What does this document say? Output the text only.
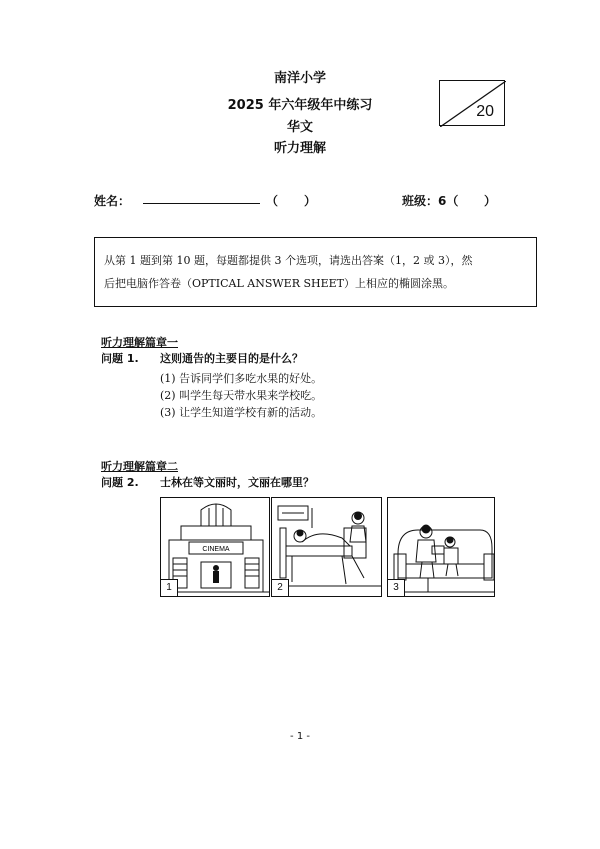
南洋小学
2025 年六年级年中练习
华文
听力理解
20
姓名：	（ ）	班级：6（ ）
从第 1 题到第 10 题，每题都提供 3 个选项，请选出答案（1，2 或 3），然
后把电脑作答卷（OPTICAL ANSWER SHEET）上相应的椭圆涂黑。
听力理解篇章一
问题 1. 这则通告的主要目的是什么？
(1) 告诉同学们多吃水果的好处。
(2) 叫学生每天带水果来学校吃。
(3) 让学生知道学校有新的活动。
听力理解篇章二
问题 2. 士林在等文丽时，文丽在哪里？
CINEMA
1	2	3
- 1 -
